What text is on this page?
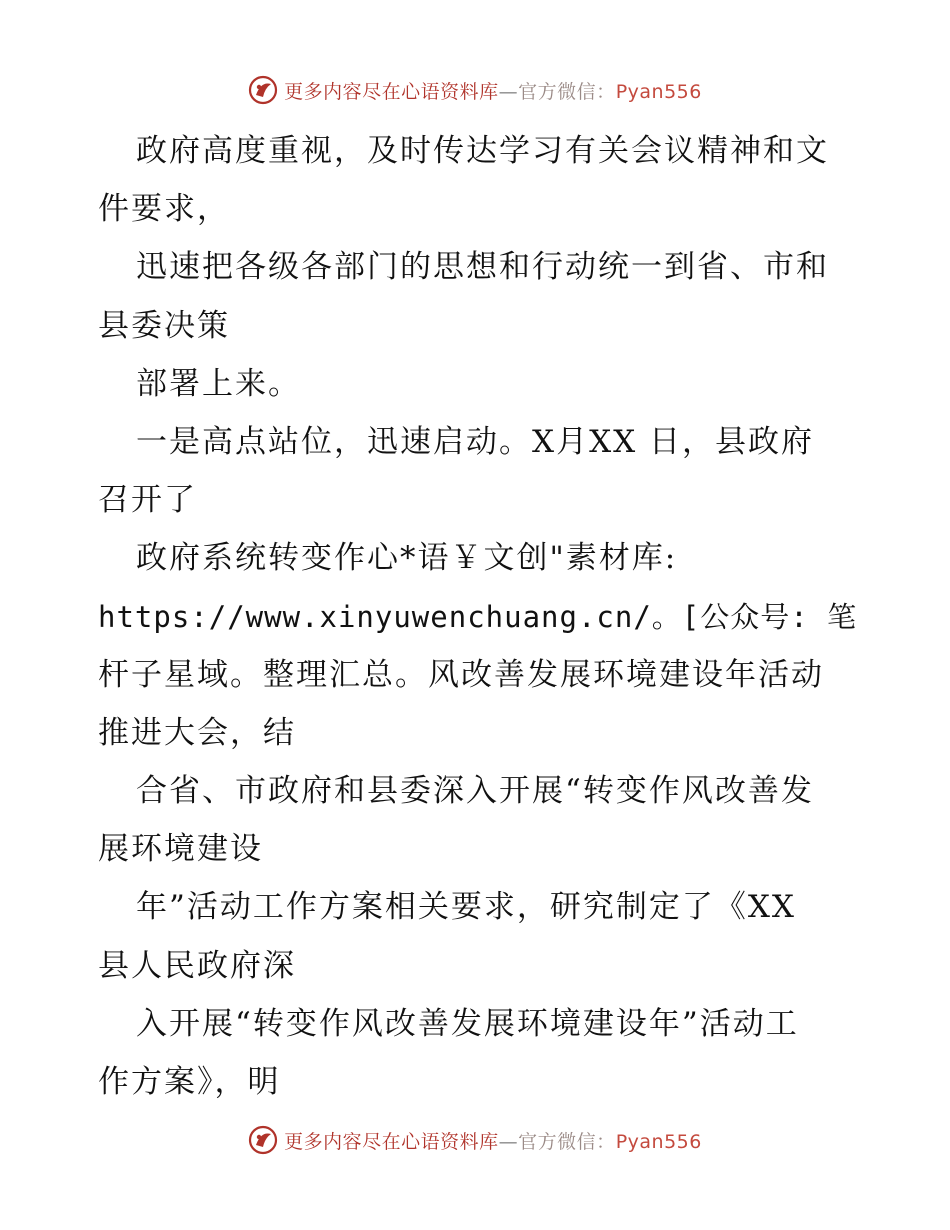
更多内容尽在心语资料库—官方微信：Pyan556
政府高度重视，及时传达学习有关会议精神和文
件要求，
迅速把各级各部门的思想和行动统一到省、市和
县委决策
部署上来。
一是高点站位，迅速启动。X月XX 日，县政府
召开了
政府系统转变作心*语￥文创"素材库:
https://www.xinyuwenchuang.cn/。[公众号: 笔
杆子星域。整理汇总。风改善发展环境建设年活动
推进大会，结
合省、市政府和县委深入开展“转变作风改善发
展环境建设
年”活动工作方案相关要求，研究制定了《XX
县人民政府深
入开展“转变作风改善发展环境建设年”活动工
作方案》，明
更多内容尽在心语资料库—官方微信：Pyan556
